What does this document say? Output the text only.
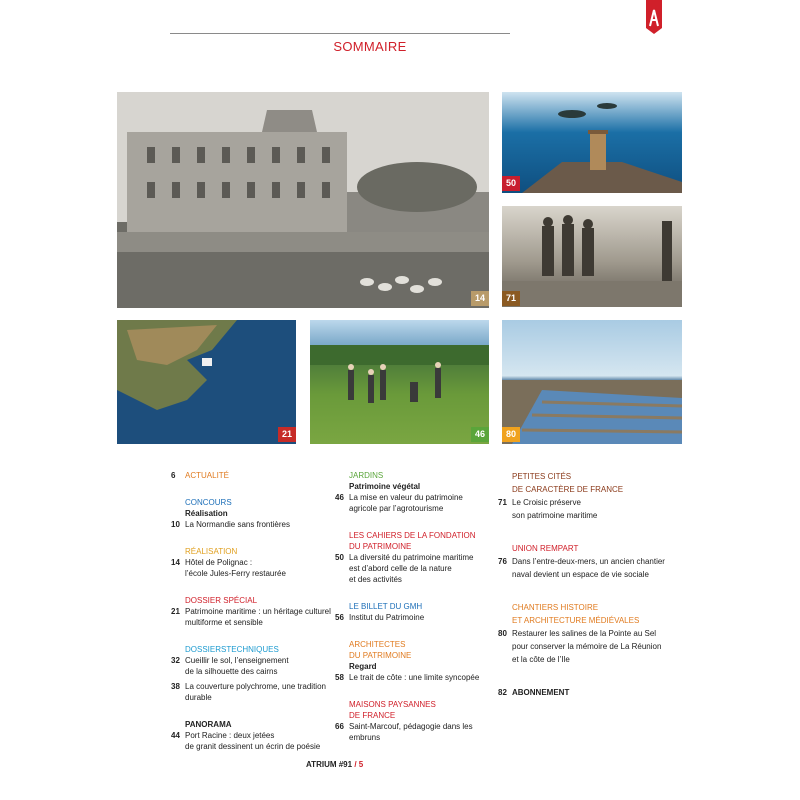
SOMMAIRE
14
50
71
21	46	80
6	ACTUALITÉ
CONCOURS
Réalisation
10 La Normandie sans frontières
RÉALISATION
14 Hôtel de Polignac :
l’école Jules-Ferry restaurée
DOSSIER SPÉCIAL
21 Patrimoine maritime : un héritage culturel
multiforme et sensible
DOSSIERSTECHNIQUES
32 Cueillir le sol, l’enseignement
de la silhouette des cairns
38 La couverture polychrome, une tradition durable
PANORAMA
44 Port Racine : deux jetées
de granit dessinent un écrin de poésie
JARDINS
Patrimoine végétal
46 La mise en valeur du patrimoine
agricole par l’agrotourisme
LES CAHIERS DE LA FONDATION
DU PATRIMOINE
50 La diversité du patrimoine maritime
est d’abord celle de la nature
et des activités
LE BILLET DU GMH
56 Institut du Patrimoine
ARCHITECTES
DU PATRIMOINE
Regard
58 Le trait de côte : une limite syncopée
MAISONS PAYSANNES
DE FRANCE
66 Saint-Marcouf, pédagogie dans les embruns
PETITES CITÉS
DE CARACTÈRE DE FRANCE
71 Le Croisic préserve
son patrimoine maritime
UNION REMPART
76 Dans l’entre-deux-mers, un ancien chantier
naval devient un espace de vie sociale
CHANTIERS HISTOIRE
ET ARCHITECTURE MÉDIÉVALES
80 Restaurer les salines de la Pointe au Sel
pour conserver la mémoire de La Réunion
et la côte de l’Ile
82 ABONNEMENT
ATRIUM #91 / 5
